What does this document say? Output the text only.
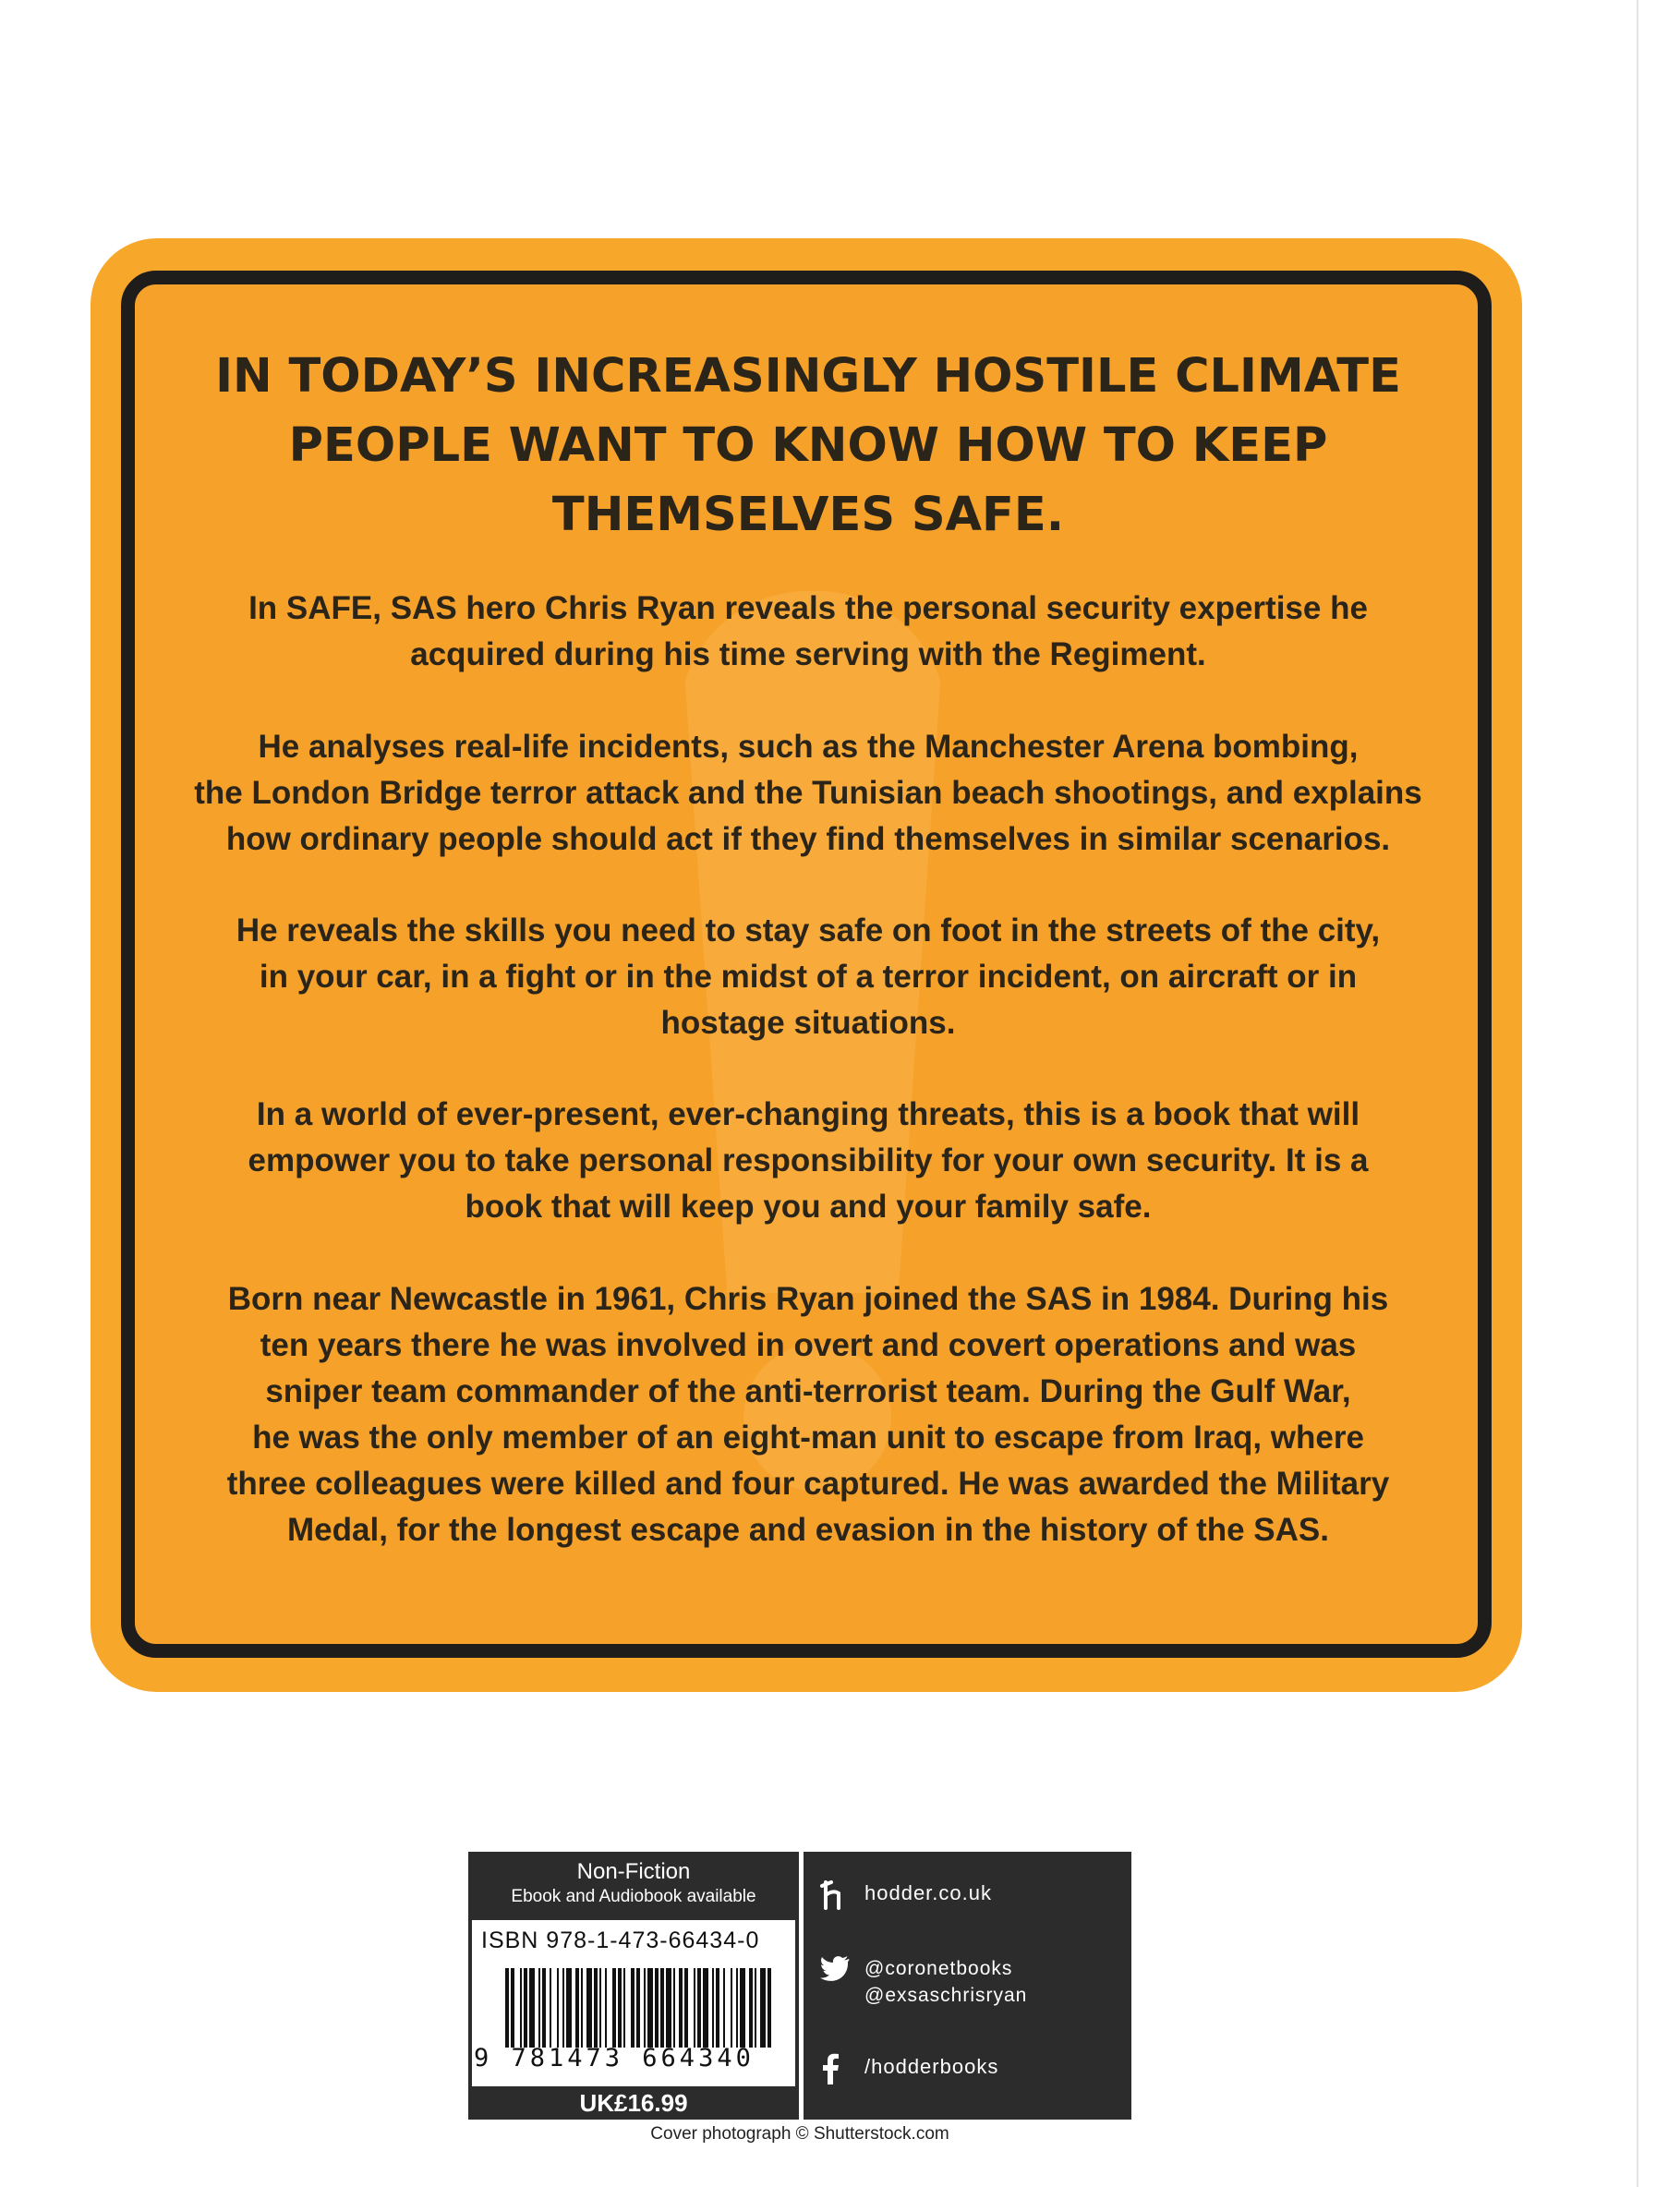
IN TODAY’S INCREASINGLY HOSTILE CLIMATE
PEOPLE WANT TO KNOW HOW TO KEEP
THEMSELVES SAFE.

In SAFE, SAS hero Chris Ryan reveals the personal security expertise he
acquired during his time serving with the Regiment.

He analyses real-life incidents, such as the Manchester Arena bombing,
the London Bridge terror attack and the Tunisian beach shootings, and explains
how ordinary people should act if they find themselves in similar scenarios.

He reveals the skills you need to stay safe on foot in the streets of the city,
in your car, in a fight or in the midst of a terror incident, on aircraft or in
hostage situations.

In a world of ever-present, ever-changing threats, this is a book that will
empower you to take personal responsibility for your own security. It is a
book that will keep you and your family safe.

Born near Newcastle in 1961, Chris Ryan joined the SAS in 1984. During his
ten years there he was involved in overt and covert operations and was
sniper team commander of the anti-terrorist team. During the Gulf War,
he was the only member of an eight-man unit to escape from Iraq, where
three colleagues were killed and four captured. He was awarded the Military
Medal, for the longest escape and evasion in the history of the SAS.

Non-Fiction
Ebook and Audiobook available
ISBN 978-1-473-66434-0
9 781473 664340
UK£16.99
hodder.co.uk
@coronetbooks
@exsaschrisryan
/hodderbooks
Cover photograph © Shutterstock.com
